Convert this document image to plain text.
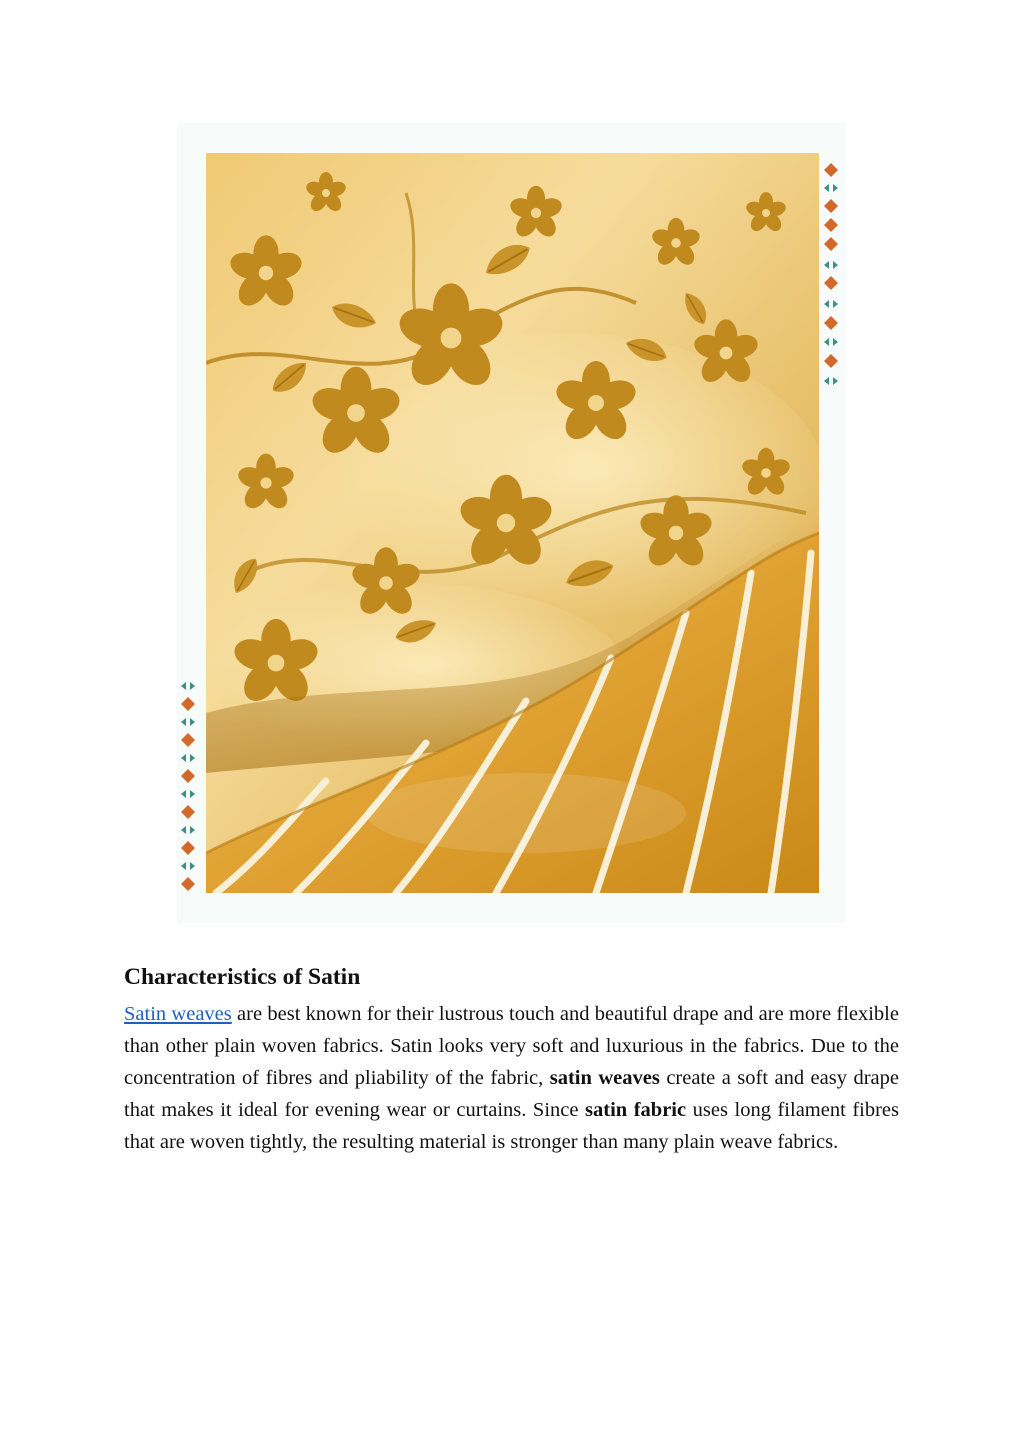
Characteristics of Satin

Satin weaves are best known for their lustrous touch and beautiful drape and are more flexible than other plain woven fabrics. Satin looks very soft and luxurious in the fabrics. Due to the concentration of fibres and pliability of the fabric, satin weaves create a soft and easy drape that makes it ideal for evening wear or curtains. Since satin fabric uses long filament fibres that are woven tightly, the resulting material is stronger than many plain weave fabrics.
